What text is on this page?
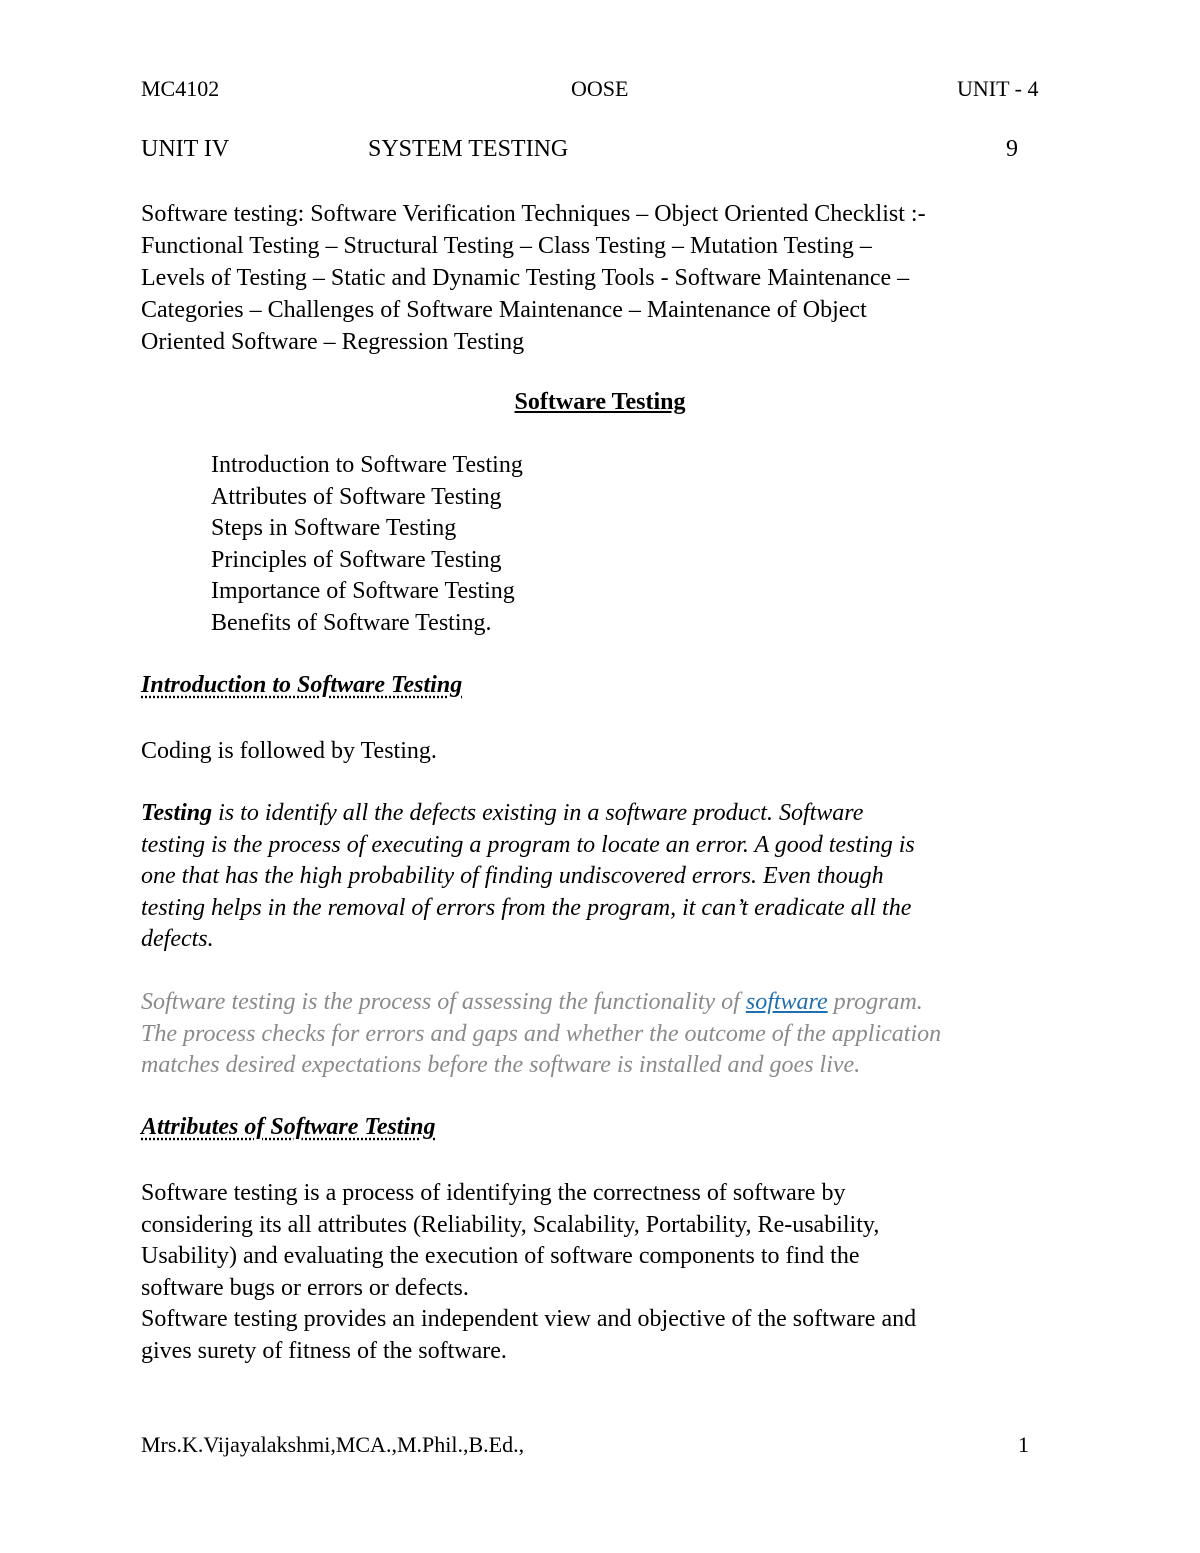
MC4102	OOSE	UNIT - 4
UNIT IV	SYSTEM TESTING	9
Software testing: Software Verification Techniques – Object Oriented Checklist :-
Functional Testing – Structural Testing – Class Testing – Mutation Testing –
Levels of Testing – Static and Dynamic Testing Tools - Software Maintenance –
Categories – Challenges of Software Maintenance – Maintenance of Object
Oriented Software – Regression Testing
Software Testing
Introduction to Software Testing
Attributes of Software Testing
Steps in Software Testing
Principles of Software Testing
Importance of Software Testing
Benefits of Software Testing.
Introduction to Software Testing
Coding is followed by Testing.
Testing is to identify all the defects existing in a software product. Software
testing is the process of executing a program to locate an error. A good testing is
one that has the high probability of finding undiscovered errors. Even though
testing helps in the removal of errors from the program, it can’t eradicate all the
defects.
Software testing is the process of assessing the functionality of software program.
The process checks for errors and gaps and whether the outcome of the application
matches desired expectations before the software is installed and goes live.
Attributes of Software Testing
Software testing is a process of identifying the correctness of software by
considering its all attributes (Reliability, Scalability, Portability, Re-usability,
Usability) and evaluating the execution of software components to find the
software bugs or errors or defects.
Software testing provides an independent view and objective of the software and
gives surety of fitness of the software.
Mrs.K.Vijayalakshmi,MCA.,M.Phil.,B.Ed.,	1
